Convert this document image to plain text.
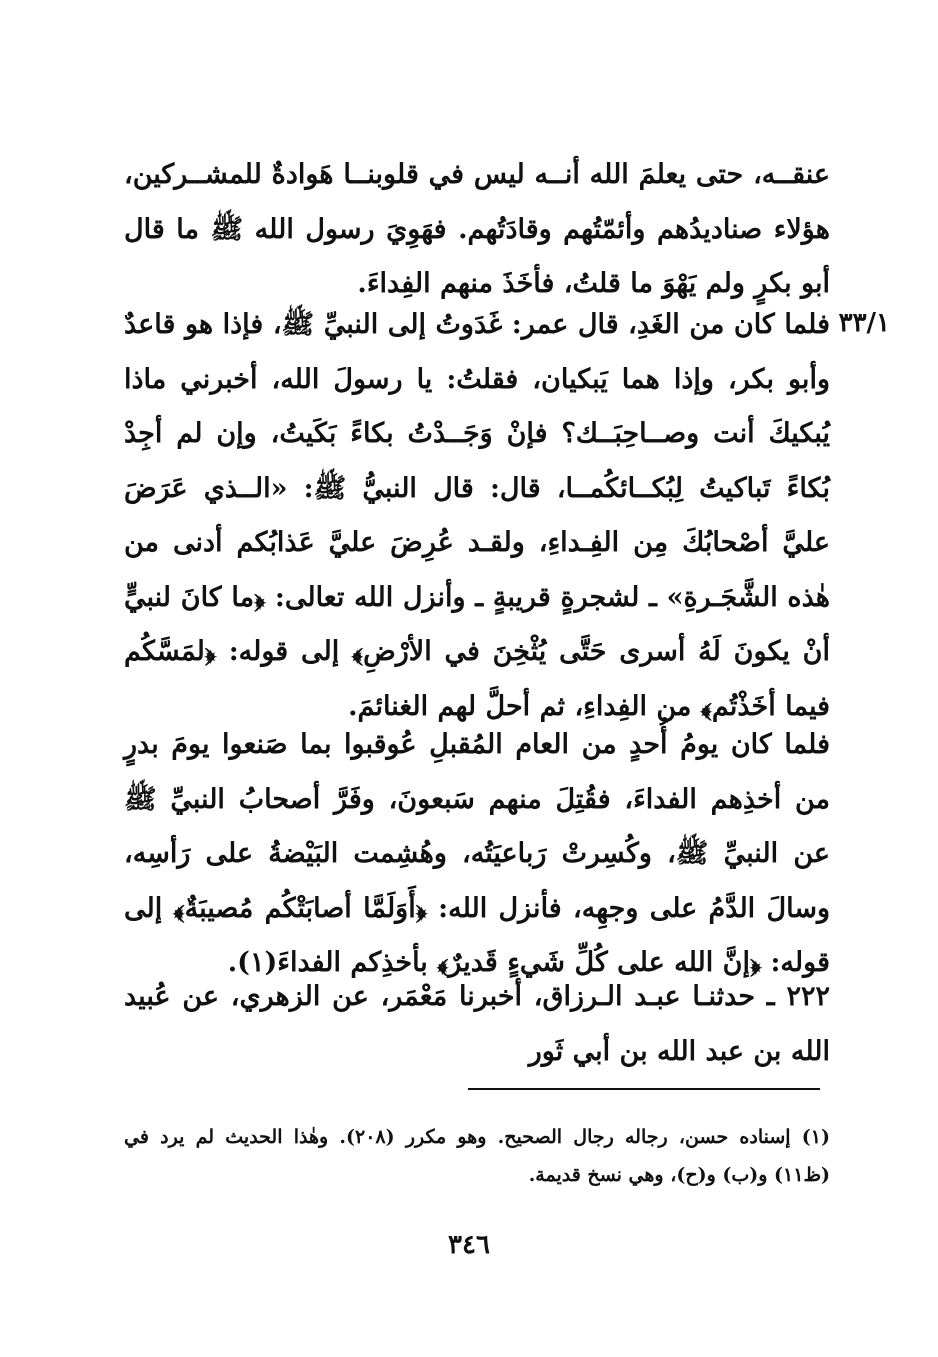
٣٣/١
عنقــه، حتى يعلمَ الله أنــه ليس في قلوبنــا هَوادةٌ للمشــركين، هؤلاء صناديدُهم وأئمّتُهم وقادَتُهم. فهَوِيَ رسول الله ﷺ ما قال أبو بكرٍ ولم يَهْوَ ما قلتُ، فأخَذَ منهم الفِداءَ.
فلما كان من الغَدِ، قال عمر: غَدَوتُ إلى النبيِّ ﷺ، فإذا هو قاعدٌ وأبو بكر، وإذا هما يَبكيان، فقلتُ: يا رسولَ الله، أخبرني ماذا يُبكيكَ أنت وصــاحِبَــك؟ فإنْ وَجَــدْتُ بكاءً بَكَيتُ، وإن لم أجِدْ بُكاءً تَباكيتُ لِبُكــائكُمــا، قال: قال النبيُّ ﷺ: «الــذي عَرَضَ عليَّ أصْحابُكَ مِن الفِـداءِ، ولقـد عُرِضَ عليَّ عَذابُكم أدنى من هٰذه الشَّجَـرةِ» ـ لشجرةٍ قريبةٍ ـ وأنزل الله تعالى: ﴿ما كانَ لنبيٍّ أنْ يكونَ لَهُ أسرى حَتَّى يُثْخِنَ في الأرْضِ﴾ إلى قوله: ﴿لمَسَّكُم فيما أخَذْتُم﴾ من الفِداءِ، ثم أحلَّ لهم الغنائمَ.
فلما كان يومُ أُحدٍ من العام المُقبلِ عُوقبوا بما صَنعوا يومَ بدرٍ من أخذِهم الفداءَ، فقُتِلَ منهم سَبعونَ، وفَرَّ أصحابُ النبيِّ ﷺ عن النبيِّ ﷺ، وكُسِرتْ رَباعيَتُه، وهُشِمت البَيْضةُ على رَأسِه، وسالَ الدَّمُ على وجهِه، فأنزل الله: ﴿أَوَلَمَّا أصابَتْكُم مُصيبَةٌ﴾ إلى قوله: ﴿إنَّ الله على كُلِّ شَيءٍ قَديرٌ﴾ بأخذِكم الفداءَ(١).
٢٢٢ ـ حدثنـا عبـد الـرزاق، أخبرنا مَعْمَر، عن الزهري، عن عُبيد الله بن عبد الله بن أبي ثَور
(١) إسناده حسن، رجاله رجال الصحيح. وهو مكرر (٢٠٨). وهٰذا الحديث لم يرد في (ظ١١) و(ب) و(ح)، وهي نسخ قديمة.
٣٤٦
